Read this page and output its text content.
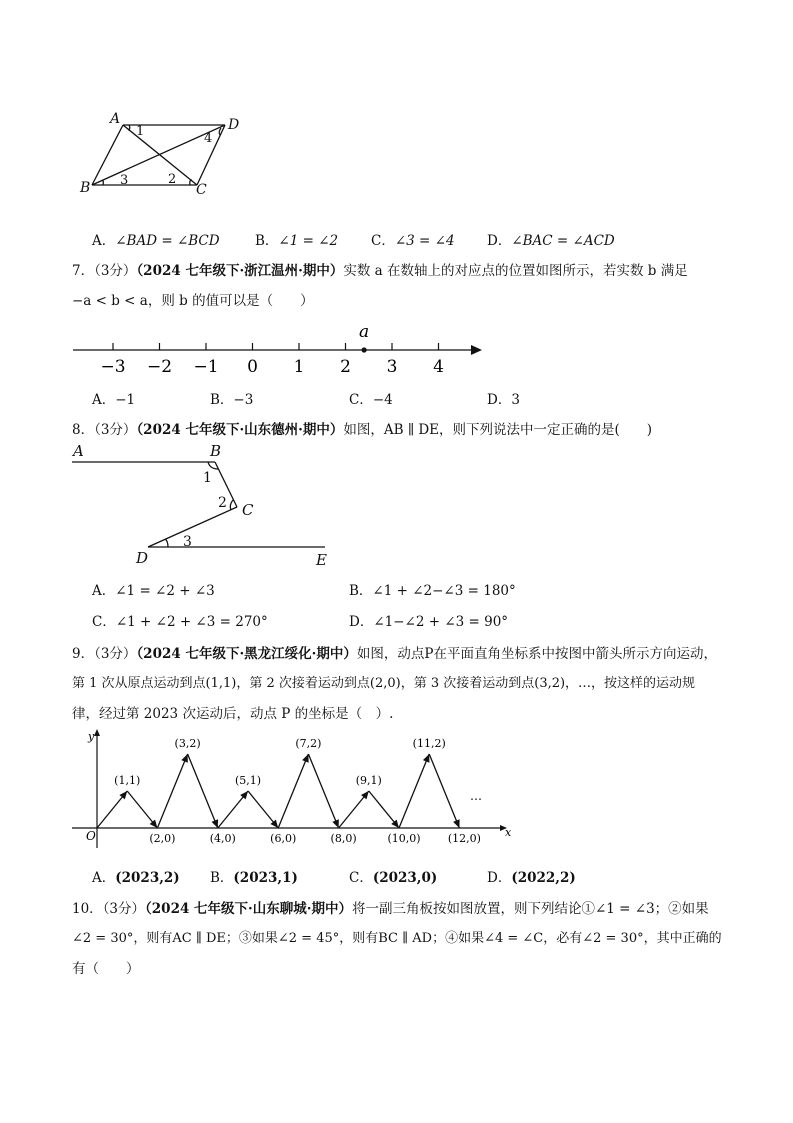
A	D
B	C
1
2
3
4
A．∠BAD = ∠BCD	B．∠1 = ∠2 C．∠3 = ∠4 D．∠BAC = ∠ACD
7．（3分）（2024 七年级下·浙江温州·期中）实数 a 在数轴上的对应点的位置如图所示，若实数 b 满足
−a < b < a，则 b 的值可以是（　　）
−3 −2 −1 0 1 2 3 4
a
A．−1	B．−3	C．−4	D．3
8．（3分）（2024 七年级下·山东德州·期中）如图，AB ∥ DE，则下列说法中一定正确的是(　　)
A	B
C
D	E
1
2
3
A．∠1 = ∠2 + ∠3	B．∠1 + ∠2−∠3 = 180°
C．∠1 + ∠2 + ∠3 = 270°	D．∠1−∠2 + ∠3 = 90°
9．（3分）（2024 七年级下·黑龙江绥化·期中）如图，动点P在平面直角坐标系中按图中箭头所示方向运动，
第 1 次从原点运动到点(1,1)，第 2 次接着运动到点(2,0)，第 3 次接着运动到点(3,2)，…，按这样的运动规
律，经过第 2023 次运动后，动点 P 的坐标是（　）.
x
y
O
(1,1)
(2,0)
(3,2)
(4,0)
(5,1)
(6,0)
(7,2)
(8,0)
(9,1)
(10,0)
(11,2)
(12,0)
…
A．(2023,2) B．(2023,1)	C．(2023,0)	D．(2022,2)
10．（3分）（2024 七年级下·山东聊城·期中）将一副三角板按如图放置，则下列结论①∠1 = ∠3；②如果
∠2 = 30°，则有AC ∥ DE；③如果∠2 = 45°，则有BC ∥ AD；④如果∠4 = ∠C，必有∠2 = 30°，其中正确的
有（　　）
